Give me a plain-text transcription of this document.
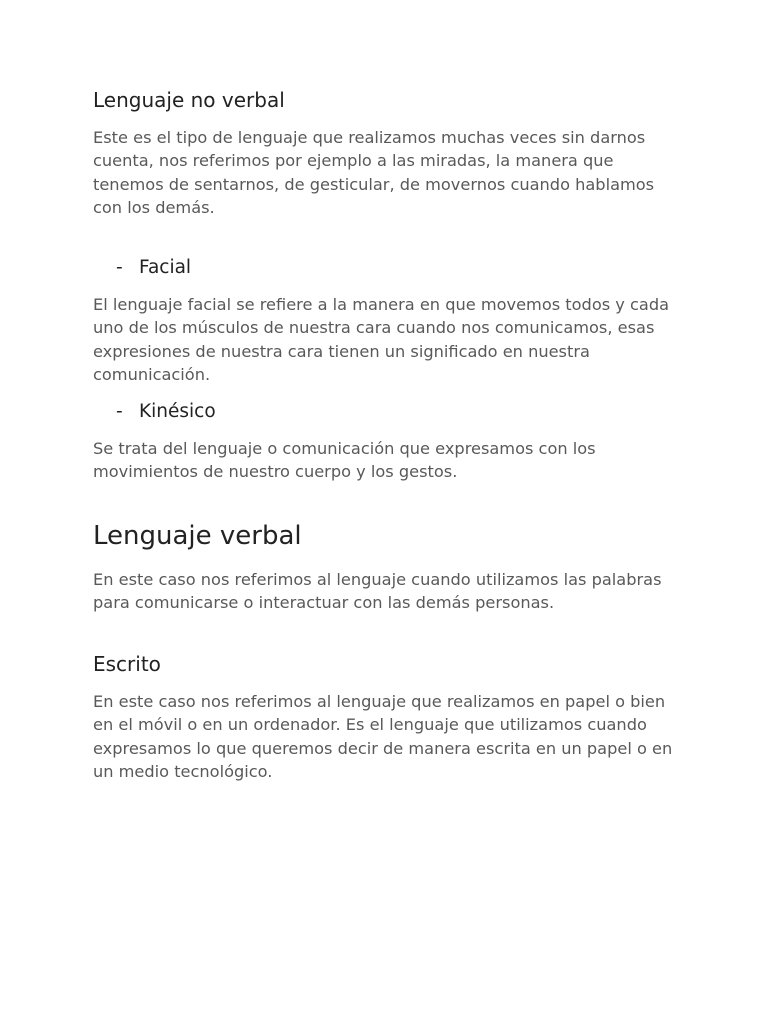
Lenguaje no verbal

Este es el tipo de lenguaje que realizamos muchas veces sin darnos cuenta, nos referimos por ejemplo a las miradas, la manera que tenemos de sentarnos, de gesticular, de movernos cuando hablamos con los demás.

- Facial

El lenguaje facial se refiere a la manera en que movemos todos y cada uno de los músculos de nuestra cara cuando nos comunicamos, esas expresiones de nuestra cara tienen un significado en nuestra comunicación.

- Kinésico

Se trata del lenguaje o comunicación que expresamos con los movimientos de nuestro cuerpo y los gestos.

Lenguaje verbal

En este caso nos referimos al lenguaje cuando utilizamos las palabras para comunicarse o interactuar con las demás personas.

Escrito

En este caso nos referimos al lenguaje que realizamos en papel o bien en el móvil o en un ordenador. Es el lenguaje que utilizamos cuando expresamos lo que queremos decir de manera escrita en un papel o en un medio tecnológico.
